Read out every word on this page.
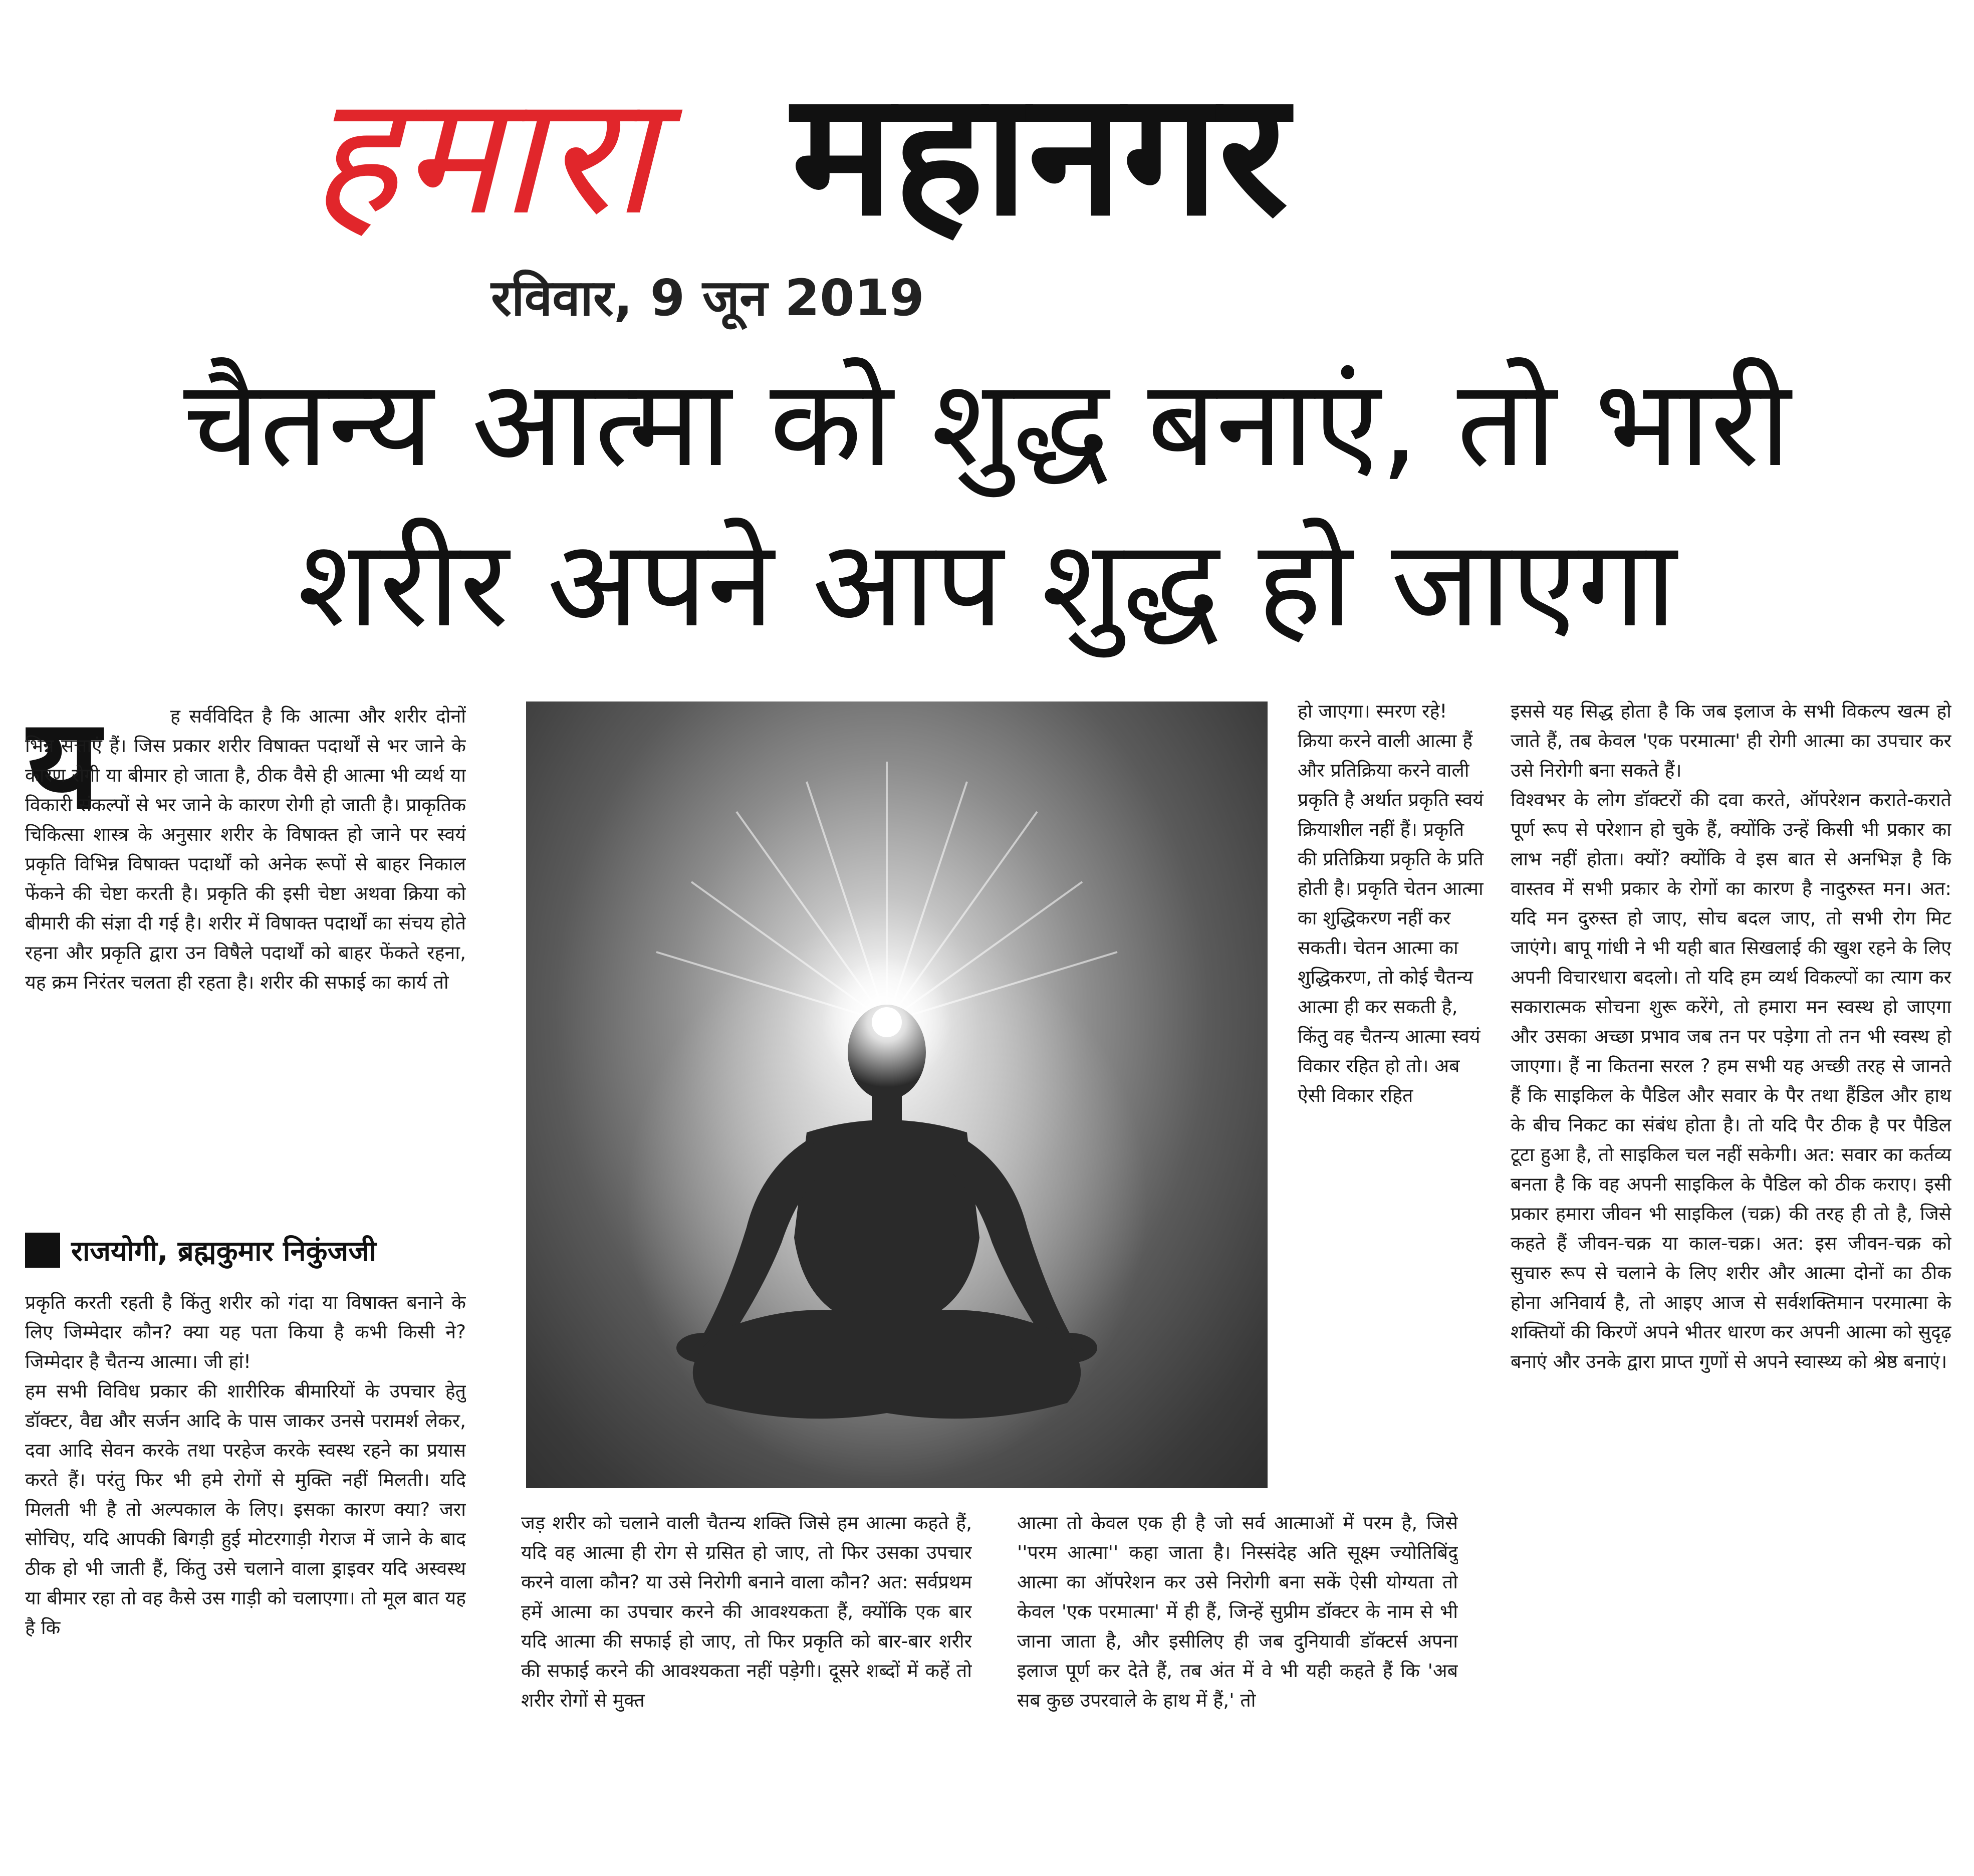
हमारा महानगर
रविवार, 9 जून 2019
चैतन्य आत्मा को शुद्ध बनाएं, तो भारी
शरीर अपने आप शुद्ध हो जाएगा
य	ह सर्वविदित है कि आत्मा और शरीर दोनों भिन्न सत्ताएं हैं। जिस प्रकार शरीर विषाक्त पदार्थों से भर जाने के कारण रोगी या बीमार हो जाता है, ठीक वैसे ही आत्मा भी व्यर्थ या विकारी संकल्पों से भर जाने के कारण रोगी हो जाती है। प्राकृतिक चिकित्सा शास्त्र के अनुसार शरीर के विषाक्त हो जाने पर स्वयं प्रकृति विभिन्न विषाक्त पदार्थों को अनेक रूपों से बाहर निकाल फेंकने की चेष्टा करती है। प्रकृति की इसी चेष्टा अथवा क्रिया को बीमारी की संज्ञा दी गई है। शरीर में विषाक्त पदार्थों का संचय होते रहना और प्रकृति द्वारा उन विषैले पदार्थों को बाहर फेंकते रहना, यह क्रम निरंतर चलता ही रहता है। शरीर की सफाई का कार्य तो

राजयोगी, ब्रह्मकुमार निकुंजजी

प्रकृति करती रहती है किंतु शरीर को गंदा या विषाक्त बनाने के लिए जिम्मेदार कौन? क्या यह पता किया है कभी किसी ने? जिम्मेदार है चैतन्य आत्मा। जी हां!

हम सभी विविध प्रकार की शारीरिक बीमारियों के उपचार हेतु डॉक्टर, वैद्य और सर्जन आदि के पास जाकर उनसे परामर्श लेकर, दवा आदि सेवन करके तथा परहेज करके स्वस्थ रहने का प्रयास करते हैं। परंतु फिर भी हमे रोगों से मुक्ति नहीं मिलती। यदि मिलती भी है तो अल्पकाल के लिए। इसका कारण क्या? जरा सोचिए, यदि आपकी बिगड़ी हुई मोटरगाड़ी गेराज में जाने के बाद ठीक हो भी जाती हैं, किंतु उसे चलाने वाला ड्राइवर यदि अस्वस्थ या बीमार रहा तो वह कैसे उस गाड़ी को चलाएगा। तो मूल बात यह है कि

जड़ शरीर को चलाने वाली चैतन्य शक्ति जिसे हम आत्मा कहते हैं, यदि वह आत्मा ही रोग से ग्रसित हो जाए, तो फिर उसका उपचार करने वाला कौन? या उसे निरोगी बनाने वाला कौन? अत: सर्वप्रथम हमें आत्मा का उपचार करने की आवश्यकता हैं, क्योंकि एक बार यदि आत्मा की सफाई हो जाए, तो फिर प्रकृति को बार-बार शरीर की सफाई करने की आवश्यकता नहीं पड़ेगी। दूसरे शब्दों में कहें तो शरीर रोगों से मुक्त

हो जाएगा। स्मरण रहे! क्रिया करने वाली आत्मा हैं और प्रतिक्रिया करने वाली प्रकृति है अर्थात प्रकृति स्वयं क्रियाशील नहीं हैं। प्रकृति की प्रतिक्रिया प्रकृति के प्रति होती है। प्रकृति चेतन आत्मा का शुद्धिकरण नहीं कर सकती। चेतन आत्मा का शुद्धिकरण, तो कोई चैतन्य आत्मा ही कर सकती है, किंतु वह चैतन्य आत्मा स्वयं विकार रहित हो तो। अब ऐसी विकार रहित

आत्मा तो केवल एक ही है जो सर्व आत्माओं में परम है, जिसे ''परम आत्मा'' कहा जाता है। निस्संदेह अति सूक्ष्म ज्योतिबिंदु आत्मा का ऑपरेशन कर उसे निरोगी बना सकें ऐसी योग्यता तो केवल 'एक परमात्मा' में ही हैं, जिन्हें सुप्रीम डॉक्टर के नाम से भी जाना जाता है, और इसीलिए ही जब दुनियावी डॉक्टर्स अपना इलाज पूर्ण कर देते हैं, तब अंत में वे भी यही कहते हैं कि 'अब सब कुछ उपरवाले के हाथ में हैं,' तो

इससे यह सिद्ध होता है कि जब इलाज के सभी विकल्प खत्म हो जाते हैं, तब केवल 'एक परमात्मा' ही रोगी आत्मा का उपचार कर उसे निरोगी बना सकते हैं।

विश्वभर के लोग डॉक्टरों की दवा करते, ऑपरेशन कराते-कराते पूर्ण रूप से परेशान हो चुके हैं, क्योंकि उन्हें किसी भी प्रकार का लाभ नहीं होता। क्यों? क्योंकि वे इस बात से अनभिज्ञ है कि वास्तव में सभी प्रकार के रोगों का कारण है नादुरुस्त मन। अत: यदि मन दुरुस्त हो जाए, सोच बदल जाए, तो सभी रोग मिट जाएंगे। बापू गांधी ने भी यही बात सिखलाई की खुश रहने के लिए अपनी विचारधारा बदलो। तो यदि हम व्यर्थ विकल्पों का त्याग कर सकारात्मक सोचना शुरू करेंगे, तो हमारा मन स्वस्थ हो जाएगा और उसका अच्छा प्रभाव जब तन पर पड़ेगा तो तन भी स्वस्थ हो जाएगा। हैं ना कितना सरल ? हम सभी यह अच्छी तरह से जानते हैं कि साइकिल के पैडिल और सवार के पैर तथा हैंडिल और हाथ के बीच निकट का संबंध होता है। तो यदि पैर ठीक है पर पैडिल टूटा हुआ है, तो साइकिल चल नहीं सकेगी। अत: सवार का कर्तव्य बनता है कि वह अपनी साइकिल के पैडिल को ठीक कराए। इसी प्रकार हमारा जीवन भी साइकिल (चक्र) की तरह ही तो है, जिसे कहते हैं जीवन-चक्र या काल-चक्र। अत: इस जीवन-चक्र को सुचारु रूप से चलाने के लिए शरीर और आत्मा दोनों का ठीक होना अनिवार्य है, तो आइए आज से सर्वशक्तिमान परमात्मा के शक्तियों की किरणें अपने भीतर धारण कर अपनी आत्मा को सुदृढ़ बनाएं और उनके द्वारा प्राप्त गुणों से अपने स्वास्थ्य को श्रेष्ठ बनाएं।
